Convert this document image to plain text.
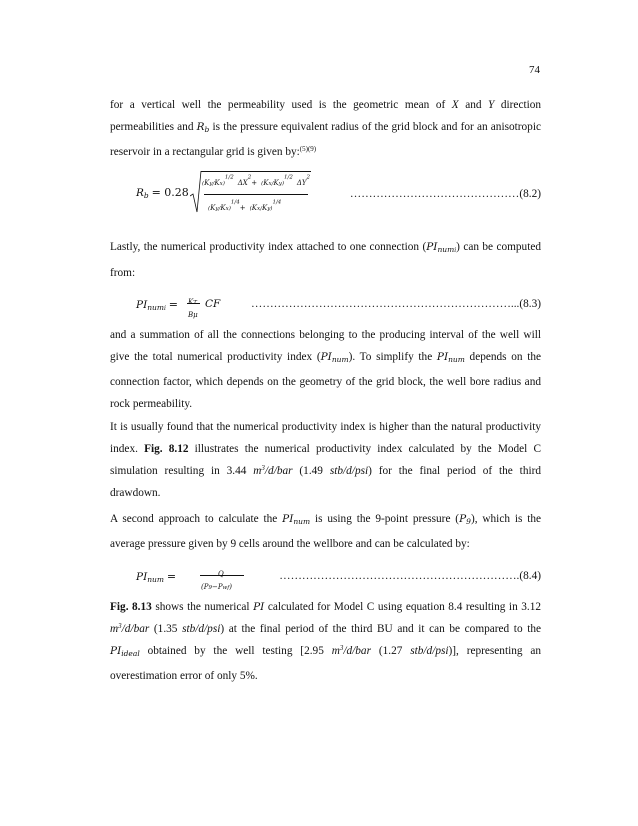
74

for a vertical well the permeability used is the geometric mean of X and Y direction permeabilities and Rb is the pressure equivalent radius of the grid block and for an anisotropic reservoir in a rectangular grid is given by:$^{(5)(9)}$

Rb = 0.28
$(Ky/Kx)^{1/2}$ $\Delta X^2+ (Kx/Ky)^{1/2}$ $\Delta Y^2$
$(Ky/Kx)^{1/4}+ (Kx/Ky)^{1/4}$
………………………………………(8.2)

Lastly, the numerical productivity index attached to one connection (PInumi) can be computed from:

PInumi = KT
Bμ
CF	……………………………………………………………...(8.3)

and a summation of all the connections belonging to the producing interval of the well will give the total numerical productivity index (PInum). To simplify the PInum depends on the connection factor, which depends on the geometry of the grid block, the well bore radius and rock permeability.

It is usually found that the numerical productivity index is higher than the natural productivity index. Fig. 8.12 illustrates the numerical productivity index calculated by the Model C simulation resulting in 3.44 $m^3/d$/bar (1.49 stb/d/psi) for the final period of the third drawdown.

A second approach to calculate the PInum is using the 9-point pressure (P9), which is the average pressure given by 9 cells around the wellbore and can be calculated by:

PInum =	Q
(P9−Pwf)
……………………………………………………….(8.4)

Fig. 8.13 shows the numerical PI calculated for Model C using equation 8.4 resulting in 3.12 $m^3/d$/bar (1.35 stb/d/psi) at the final period of the third BU and it can be compared to the PIideal obtained by the well testing [2.95 $m^3/d$/bar (1.27 stb/d/psi)], representing an overestimation error of only 5%.
